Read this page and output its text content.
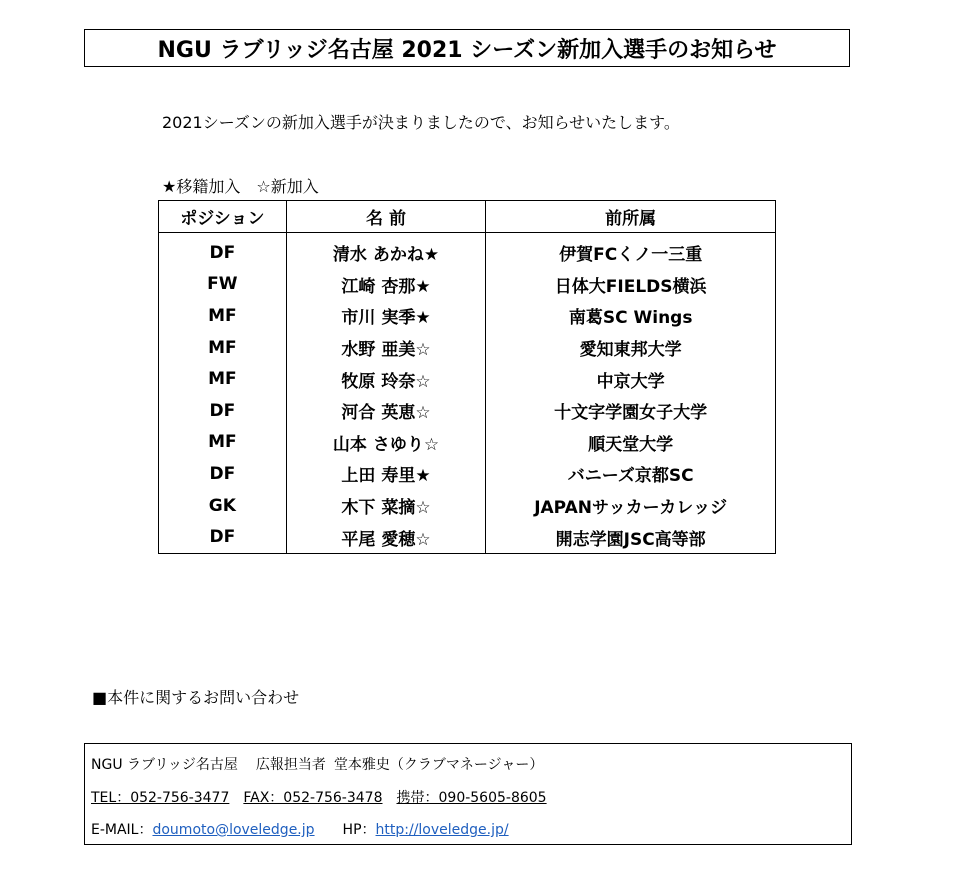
NGU ラブリッジ名古屋 2021 シーズン新加入選手のお知らせ
2021シーズンの新加入選手が決まりましたので、お知らせいたします。
★移籍加入 ☆新加入
ポジション	名 前	前所属
DF	清水 あかね★	伊賀FCくノ一三重
FW	江崎 杏那★	日体大FIELDS横浜
MF	市川 実季★	南葛SC Wings
MF	水野 亜美☆	愛知東邦大学
MF	牧原 玲奈☆	中京大学
DF	河合 英恵☆	十文字学園女子大学
MF	山本 さゆり☆	順天堂大学
DF	上田 寿里★	バニーズ京都SC
GK	木下 菜摘☆	JAPANサッカーカレッジ
DF	平尾 愛穂☆	開志学園JSC高等部
■本件に関するお問い合わせ
NGU ラブリッジ名古屋 広報担当者 堂本雅史（クラブマネージャー）
TEL：052-756-3477 FAX：052-756-3478 携帯：090-5605-8605
E-MAIL：doumoto@loveledge.jp HP：http://loveledge.jp/
